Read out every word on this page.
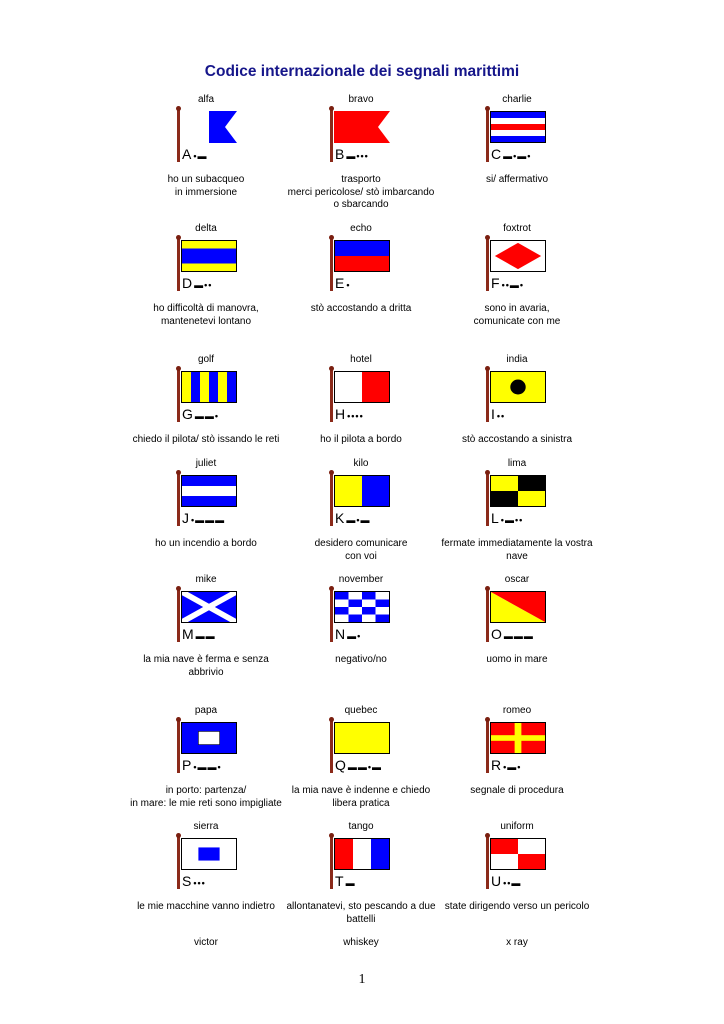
Codice internazionale dei segnali marittimi
alfa
A •▬
ho un subacqueo
in immersione
bravo
B ▬•••
trasporto
merci pericolose/ stò imbarcando
o sbarcando
charlie
C ▬•▬•
si/ affermativo
delta
D ▬••
ho difficoltà di manovra,
mantenetevi lontano
echo
E •
stò accostando a dritta
foxtrot
F ••▬•
sono in avaria,
comunicate con me
golf
G ▬▬•
chiedo il pilota/ stò issando le reti
hotel
H ••••
ho il pilota a bordo
india
I ••
stò accostando a sinistra
juliet
J •▬▬▬
ho un incendio a bordo
kilo
K ▬•▬
desidero comunicare
con voi
lima
L •▬••
fermate immediatamente la vostra
nave
mike
M ▬▬
la mia nave è ferma e senza
abbrivio
november
N ▬•
negativo/no
oscar
O ▬▬▬
uomo in mare
papa
P •▬▬•
in porto: partenza/
in mare: le mie reti sono impigliate
quebec
Q ▬▬•▬
la mia nave è indenne e chiedo
libera pratica
romeo
R •▬•
segnale di procedura
sierra
S •••
le mie macchine vanno indietro
tango
T ▬
allontanatevi, sto pescando a due
battelli
uniform
U ••▬
state dirigendo verso un pericolo
victor	whiskey	x ray
1
